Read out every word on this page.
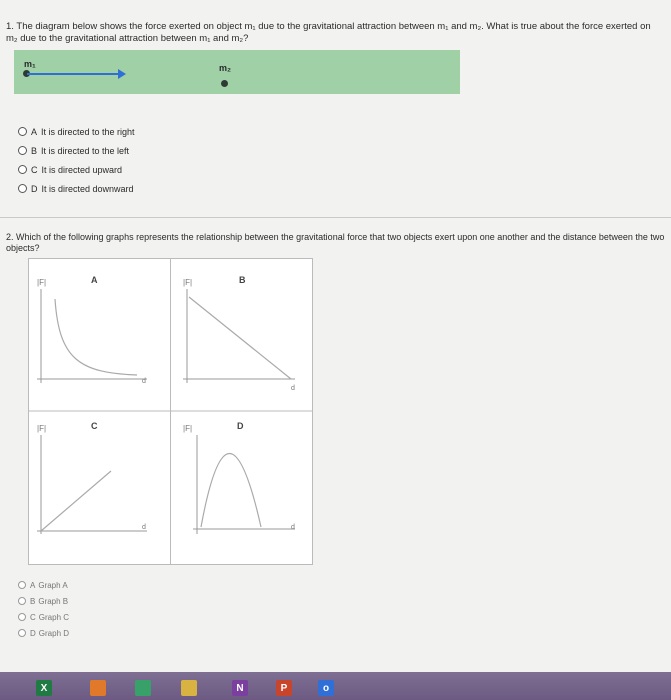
1. The diagram below shows the force exerted on object m₁ due to the gravitational attraction between m₁ and m₂. What is true about the force exerted on m₂ due to the gravitational attraction between m₁ and m₂?
m₁	m₂
A It is directed to the right
B It is directed to the left
C It is directed upward
D It is directed downward
2. Which of the following graphs represents the relationship between the gravitational force that two objects exert upon one another and the distance between the two objects?
|F|	A
d
|F|	B
d
|F|	C
d
|F|	D
d
A Graph A
B Graph B
C Graph C
D Graph D
X	N	P	o
